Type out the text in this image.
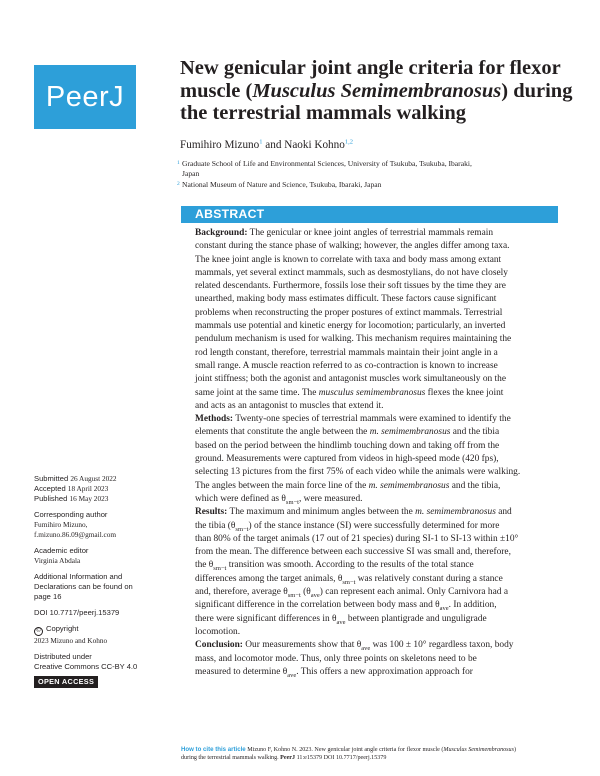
PeerJ
New genicular joint angle criteria for flexor muscle (Musculus Semimembranosus) during the terrestrial mammals walking
Fumihiro Mizuno$^1$ and Naoki Kohno$^{1,2}$
1 Graduate School of Life and Environmental Sciences, University of Tsukuba, Tsukuba, Ibaraki,
Japan
2 National Museum of Nature and Science, Tsukuba, Ibaraki, Japan
ABSTRACT
Background: The genicular or knee joint angles of terrestrial mammals remain
constant during the stance phase of walking; however, the angles differ among taxa.
The knee joint angle is known to correlate with taxa and body mass among extant
mammals, yet several extinct mammals, such as desmostylians, do not have closely
related descendants. Furthermore, fossils lose their soft tissues by the time they are
unearthed, making body mass estimates difficult. These factors cause significant
problems when reconstructing the proper postures of extinct mammals. Terrestrial
mammals use potential and kinetic energy for locomotion; particularly, an inverted
pendulum mechanism is used for walking. This mechanism requires maintaining the
rod length constant, therefore, terrestrial mammals maintain their joint angle in a
small range. A muscle reaction referred to as co-contraction is known to increase
joint stiffness; both the agonist and antagonist muscles work simultaneously on the
same joint at the same time. The musculus semimembranosus flexes the knee joint
and acts as an antagonist to muscles that extend it.
Methods: Twenty-one species of terrestrial mammals were examined to identify the
elements that constitute the angle between the m. semimembranosus and the tibia
based on the period between the hindlimb touching down and taking off from the
ground. Measurements were captured from videos in high-speed mode (420 fps),
selecting 13 pictures from the first 75% of each video while the animals were walking.
The angles between the main force line of the m. semimembranosus and the tibia,
which were defined as $\theta_{sm-t}$, were measured.
Results: The maximum and minimum angles between the m. semimembranosus and
the tibia $(\theta_{sm-t})$ of the stance instance (SI) were successfully determined for more
than 80% of the target animals (17 out of 21 species) during SI-1 to SI-13 within ±10°
from the mean. The difference between each successive SI was small and, therefore,
the $\theta_{sm-t}$ transition was smooth. According to the results of the total stance
differences among the target animals, $\theta_{sm-t}$ was relatively constant during a stance
and, therefore, average $\theta_{sm-t}$ $(\theta_{ave})$ can represent each animal. Only Carnivora had a
significant difference in the correlation between body mass and $\theta_{ave}$. In addition,
there were significant differences in $\theta_{ave}$ between plantigrade and unguligrade
locomotion.
Conclusion: Our measurements show that $\theta_{ave}$ was 100 ± 10° regardless taxon, body
mass, and locomotor mode. Thus, only three points on skeletons need to be
measured to determine $\theta_{ave}$. This offers a new approximation approach for
Submitted 26 August 2022
Accepted 18 April 2023
Published 16 May 2023
Corresponding author
Fumihiro Mizuno,
f.mizuno.86.09@gmail.com
Academic editor
Virginia Abdala
Additional Information and
Declarations can be found on
page 16
DOI 10.7717/peerj.15379
© Copyright
2023 Mizuno and Kohno
Distributed under
Creative Commons CC-BY 4.0
OPEN ACCESS
How to cite this article Mizuno F, Kohno N. 2023. New genicular joint angle criteria for flexor muscle (Musculus Semimembranosus)
during the terrestrial mammals walking. PeerJ 11:e15379 DOI 10.7717/peerj.15379
